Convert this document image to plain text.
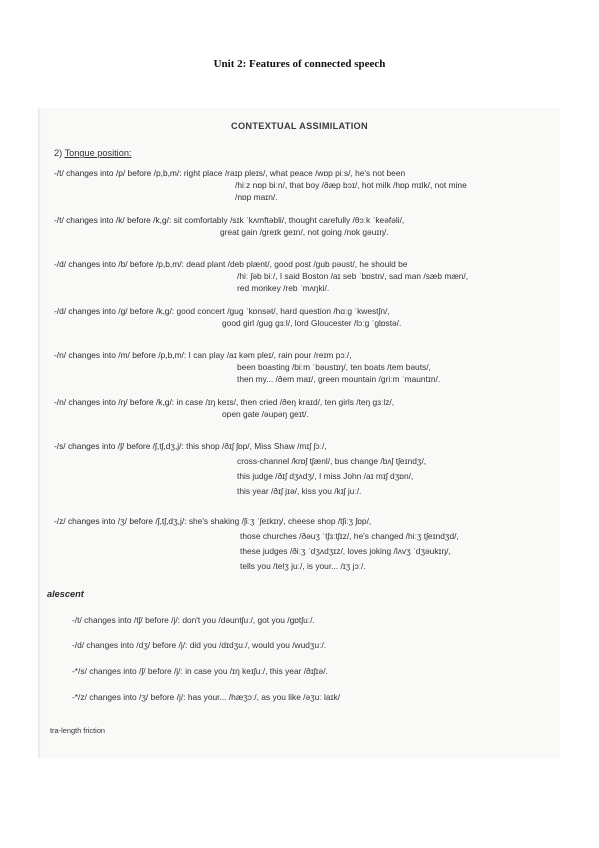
Unit 2: Features of connected speech
CONTEXTUAL ASSIMILATION
2) Tongue position:
-/t/ changes into /p/ before /p,b,m/: right place /raɪp pleɪs/, what peace /wɒp piːs/, he's not been
/hiːz nɒp biːn/, that boy /ðæp bɔɪ/, hot milk /hɒp mɪlk/, not mine
/nɒp maɪn/.
-/t/ changes into /k/ before /k,g/: sit comfortably /sɪk ˈkʌmftəbli/, thought carefully /θɔːk ˈkeəfəli/,
great gain /greɪk geɪn/, not going /nɒk gəuɪŋ/.
-/d/ changes into /b/ before /p,b,m/: dead plant /deb plænt/, good post /gub pəust/, he should be
/hiː ʃəb biː/, I said Boston /aɪ seb ˈbɒstn/, sad man /sæb mæn/,
red monkey /reb ˈmʌŋki/.
-/d/ changes into /g/ before /k,g/: good concert /gug ˈkɒnsət/, hard question /hɑːg ˈkwestʃn/,
good girl /gug gɜːl/, lord Gloucester /lɔːg ˈglɒstə/.
-/n/ changes into /m/ before /p,b,m/: I can play /aɪ kəm pleɪ/, rain pour /reɪm pɔː/,
been boasting /biːm ˈbəustɪŋ/, ten boats /tem bəuts/,
then my... /ðem maɪ/, green mountain /griːm ˈmauntɪn/.
-/n/ changes into /ŋ/ before /k,g/: in case /ɪŋ keɪs/, then cried /ðeŋ kraɪd/, ten girls /teŋ gɜːlz/,
open gate /əupəŋ geɪt/.
-/s/ changes into /ʃ/ before /ʃ,tʃ,dʒ,j/: this shop /ðɪʃ ʃɒp/, Miss Shaw /mɪʃ ʃɔː/,
cross-channel /krɒʃ tʃænl/, bus change /bʌʃ tʃeɪndʒ/,
this judge /ðɪʃ dʒʌdʒ/, I miss John /aɪ mɪʃ dʒɒn/,
this year /ðɪʃ jɪə/, kiss you /kɪʃ juː/.
-/z/ changes into /ʒ/ before /ʃ,tʃ,dʒ,j/: she's shaking /ʃiːʒ ˈʃeɪkɪŋ/, cheese shop /tʃiːʒ ʃɒp/,
those churches /ðəuʒ ˈtʃɜːtʃɪz/, he's changed /hiːʒ tʃeɪndʒd/,
these judges /ðiːʒ ˈdʒʌdʒɪz/, loves joking /lʌvʒ ˈdʒəukɪŋ/,
tells you /telʒ juː/, is your... /ɪʒ jɔː/.
alescent
-/t/ changes into /tʃ/ before /j/: don't you /dəuntʃuː/, got you /gɒtʃuː/.
-/d/ changes into /dʒ/ before /j/: did you /dɪdʒuː/, would you /wudʒuː/.
-*/s/ changes into /ʃ/ before /j/: in case you /ɪŋ keɪʃuː/, this year /ðɪʃɪə/.
-*/z/ changes into /ʒ/ before /j/: has your... /hæʒɔː/, as you like /əʒuː laɪk/
tra-length friction
